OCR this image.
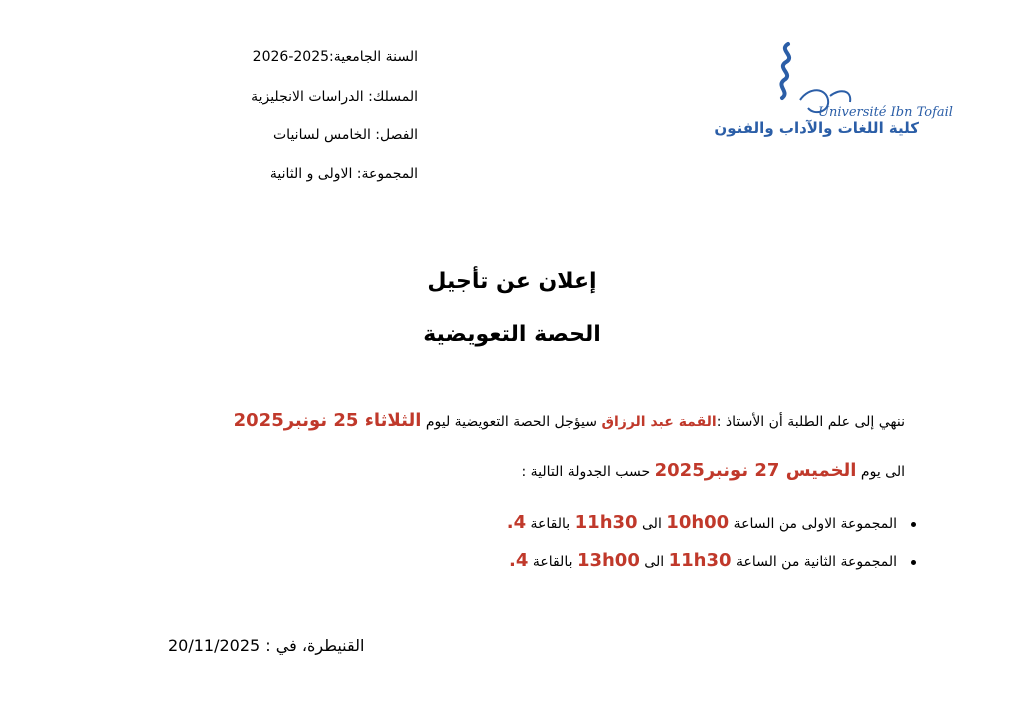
السنة الجامعية:2025-2026
المسلك: الدراسات الانجليزية
الفصل: الخامس لسانيات
المجموعة: الاولى و الثانية
Université Ibn Tofail
كلية اللغات والآداب والفنون
إعلان عن تأجيل
الحصة التعويضية
ننهي إلى علم الطلبة أن الأستاذ :القمة عبد الرزاق سيؤجل الحصة التعويضية ليوم الثلاثاء 25 نونبر2025
الى يوم الخميس 27 نونبر2025 حسب الجدولة التالية :
المجموعة الاولى من الساعة 10h00 الى 11h30 بالقاعة 4.
المجموعة الثانية من الساعة 11h30 الى 13h00 بالقاعة 4.
القنيطرة، في : 20/11/2025
